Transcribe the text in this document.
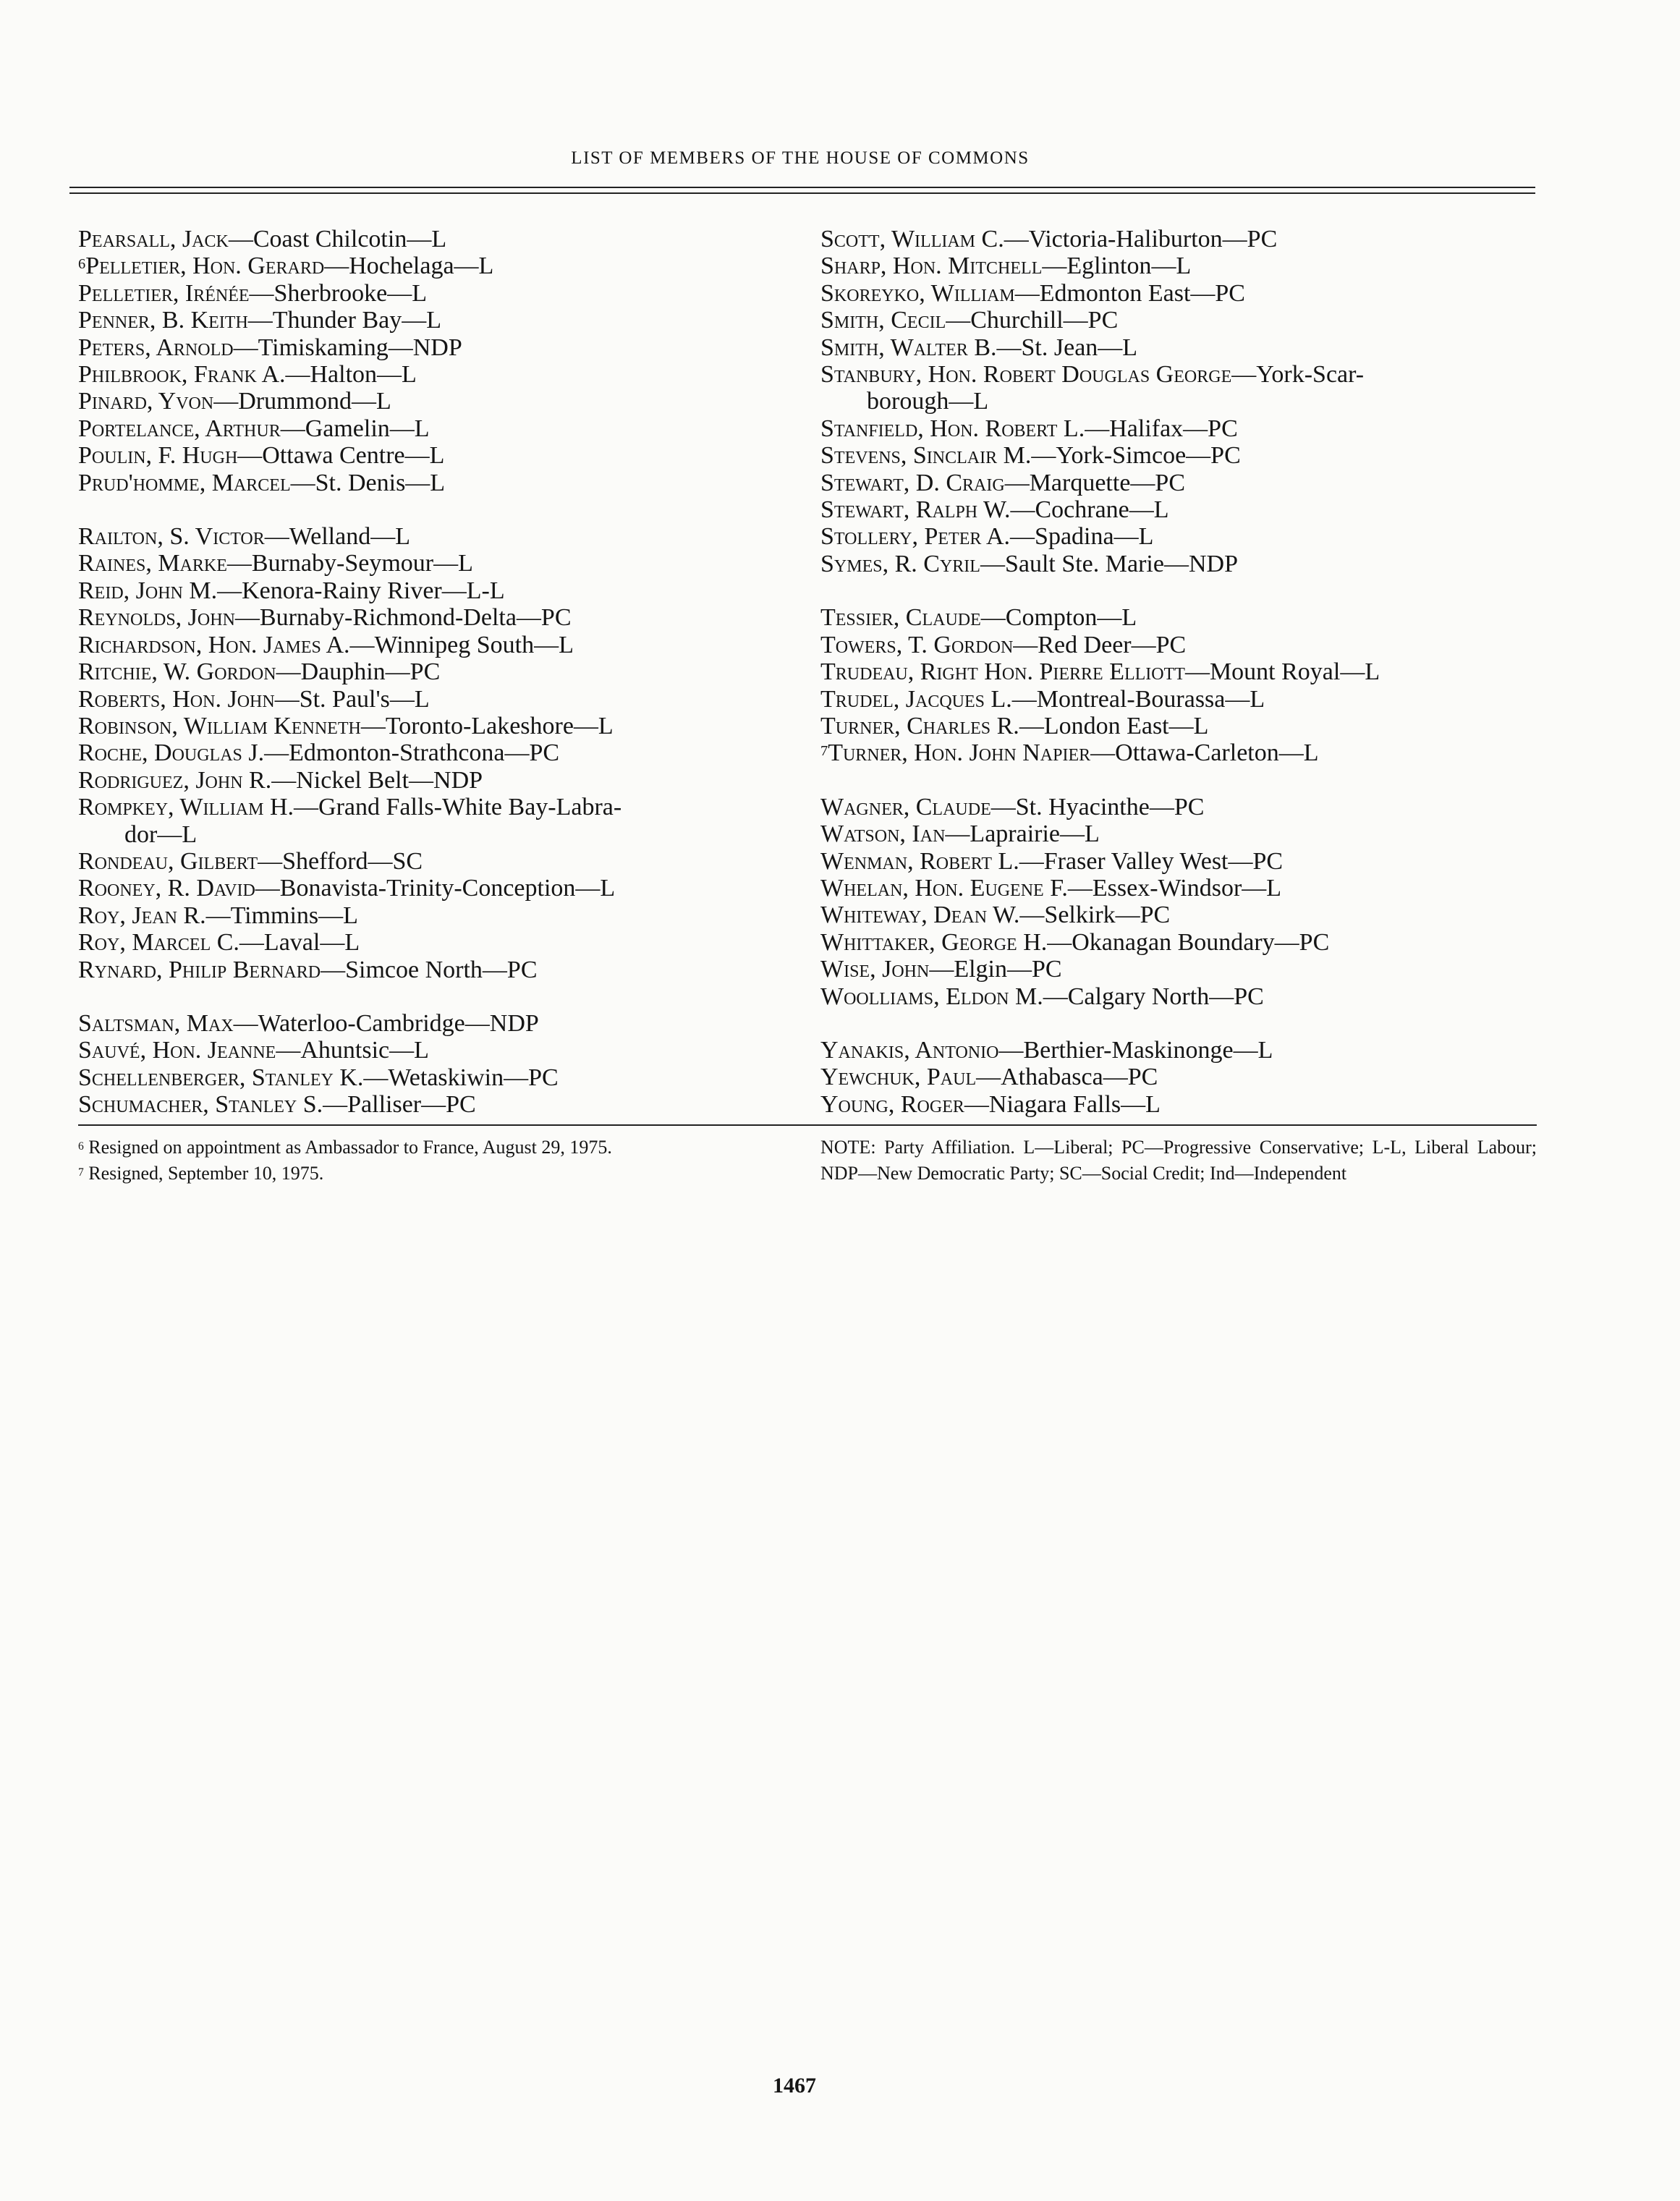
LIST OF MEMBERS OF THE HOUSE OF COMMONS

Pearsall, Jack—Coast Chilcotin—L

$^6$Pelletier, Hon. Gerard—Hochelaga—L

Pelletier, Irénée—Sherbrooke—L

Penner, B. Keith—Thunder Bay—L

Peters, Arnold—Timiskaming—NDP

Philbrook, Frank A.—Halton—L

Pinard, Yvon—Drummond—L

Portelance, Arthur—Gamelin—L

Poulin, F. Hugh—Ottawa Centre—L

Prud'homme, Marcel—St. Denis—L

Railton, S. Victor—Welland—L

Raines, Marke—Burnaby-Seymour—L

Reid, John M.—Kenora-Rainy River—L-L

Reynolds, John—Burnaby-Richmond-Delta—PC

Richardson, Hon. James A.—Winnipeg South—L

Ritchie, W. Gordon—Dauphin—PC

Roberts, Hon. John—St. Paul's—L

Robinson, William Kenneth—Toronto-Lakeshore—L

Roche, Douglas J.—Edmonton-Strathcona—PC

Rodriguez, John R.—Nickel Belt—NDP

Rompkey, William H.—Grand Falls-White Bay-Labra-
dor—L

Rondeau, Gilbert—Shefford—SC

Rooney, R. David—Bonavista-Trinity-Conception—L

Roy, Jean R.—Timmins—L

Roy, Marcel C.—Laval—L

Rynard, Philip Bernard—Simcoe North—PC

Saltsman, Max—Waterloo-Cambridge—NDP

Sauvé, Hon. Jeanne—Ahuntsic—L

Schellenberger, Stanley K.—Wetaskiwin—PC

Schumacher, Stanley S.—Palliser—PC

Scott, William C.—Victoria-Haliburton—PC

Sharp, Hon. Mitchell—Eglinton—L

Skoreyko, William—Edmonton East—PC

Smith, Cecil—Churchill—PC

Smith, Walter B.—St. Jean—L

Stanbury, Hon. Robert Douglas George—York-Scar-
borough—L

Stanfield, Hon. Robert L.—Halifax—PC

Stevens, Sinclair M.—York-Simcoe—PC

Stewart, D. Craig—Marquette—PC

Stewart, Ralph W.—Cochrane—L

Stollery, Peter A.—Spadina—L

Symes, R. Cyril—Sault Ste. Marie—NDP

Tessier, Claude—Compton—L

Towers, T. Gordon—Red Deer—PC

Trudeau, Right Hon. Pierre Elliott—Mount Royal—L

Trudel, Jacques L.—Montreal-Bourassa—L

Turner, Charles R.—London East—L

$^7$Turner, Hon. John Napier—Ottawa-Carleton—L

Wagner, Claude—St. Hyacinthe—PC

Watson, Ian—Laprairie—L

Wenman, Robert L.—Fraser Valley West—PC

Whelan, Hon. Eugene F.—Essex-Windsor—L

Whiteway, Dean W.—Selkirk—PC

Whittaker, George H.—Okanagan Boundary—PC

Wise, John—Elgin—PC

Woolliams, Eldon M.—Calgary North—PC

Yanakis, Antonio—Berthier-Maskinonge—L

Yewchuk, Paul—Athabasca—PC

Young, Roger—Niagara Falls—L

$^6$ Resigned on appointment as Ambassador to France, August 29, 1975.

$^7$ Resigned, September 10, 1975.

NOTE: Party Affiliation. L—Liberal; PC—Progressive Conservative; L-L, Liberal Labour; NDP—New Democratic Party; SC—Social Credit; Ind—Independent

1467
